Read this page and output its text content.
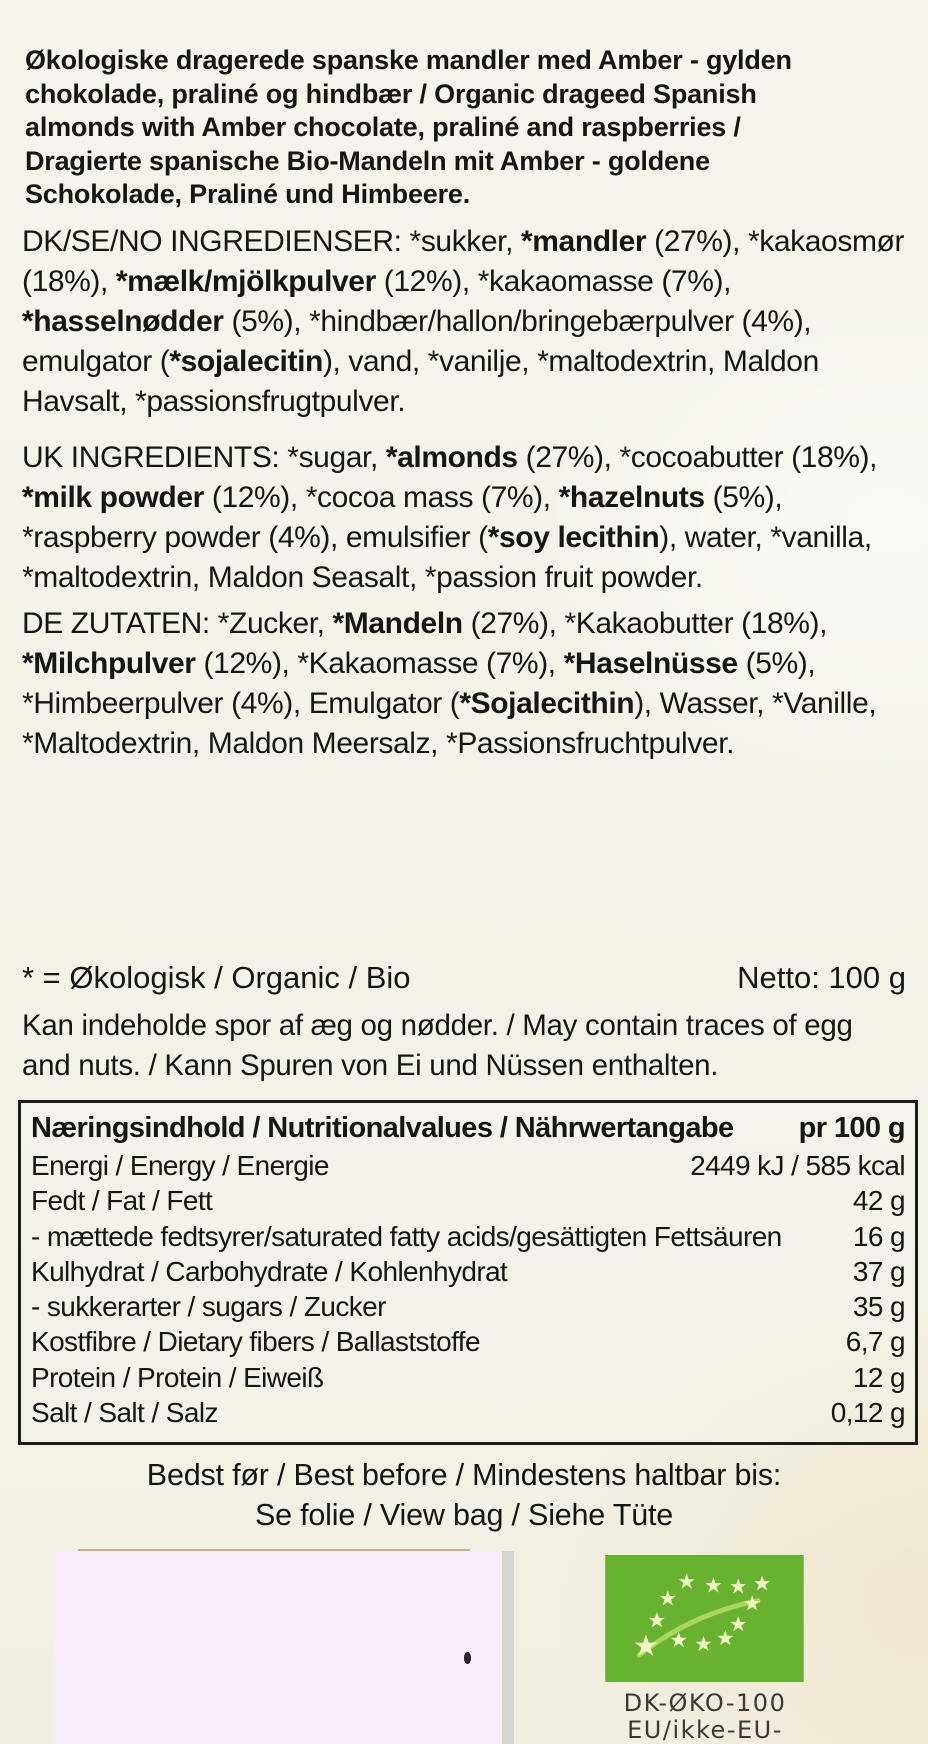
Økologiske dragerede spanske mandler med Amber - gylden
chokolade, praliné og hindbær / Organic drageed Spanish
almonds with Amber chocolate, praliné and raspberries /
Dragierte spanische Bio-Mandeln mit Amber - goldene
Schokolade, Praliné und Himbeere.
DK/SE/NO INGREDIENSER: *sukker, *mandler (27%), *kakaosmør (18%), *mælk/mjölkpulver (12%), *kakaomasse (7%), *hasselnødder (5%), *hindbær/hallon/bringebærpulver (4%), emulgator (*sojalecitin), vand, *vanilje, *maltodextrin, Maldon Havsalt, *passionsfrugtpulver.
UK INGREDIENTS: *sugar, *almonds (27%), *cocoabutter (18%), *milk powder (12%), *cocoa mass (7%), *hazelnuts (5%), *raspberry powder (4%), emulsifier (*soy lecithin), water, *vanilla, *maltodextrin, Maldon Seasalt, *passion fruit powder.
DE ZUTATEN: *Zucker, *Mandeln (27%), *Kakaobutter (18%), *Milchpulver (12%), *Kakaomasse (7%), *Haselnüsse (5%), *Himbeerpulver (4%), Emulgator (*Sojalecithin), Wasser, *Vanille, *Maltodextrin, Maldon Meersalz, *Passionsfruchtpulver.
* = Økologisk / Organic / Bio	Netto: 100 g
Kan indeholde spor af æg og nødder. / May contain traces of egg and nuts. / Kann Spuren von Ei und Nüssen enthalten.
Næringsindhold / Nutritionalvalues / Nährwertangabe pr 100 g
Energi / Energy / Energie	2449 kJ / 585 kcal
Fedt / Fat / Fett	42 g
- mættede fedtsyrer/saturated fatty acids/gesättigten Fettsäuren	16 g
Kulhydrat / Carbohydrate / Kohlenhydrat	37 g
- sukkerarter / sugars / Zucker	35 g
Kostfibre / Dietary fibers / Ballaststoffe	6,7 g
Protein / Protein / Eiweiß	12 g
Salt / Salt / Salz	0,12 g
Bedst før / Best before / Mindestens haltbar bis:
Se folie / View bag / Siehe Tüte
DK-ØKO-100
EU/ikke-EU-
